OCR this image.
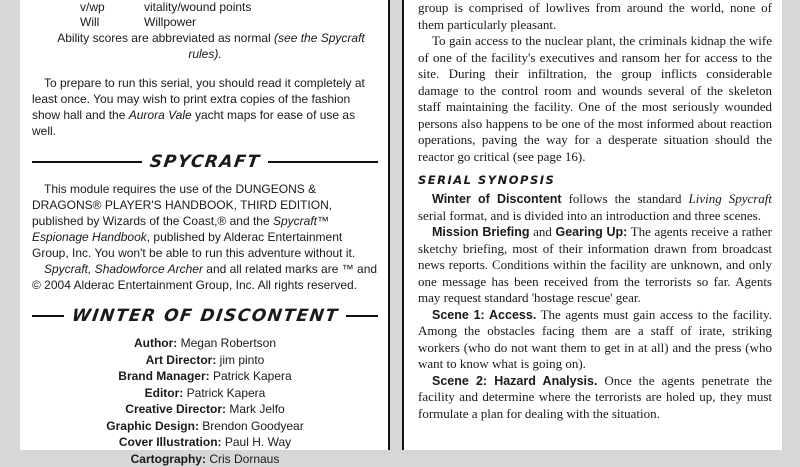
v/wp	vitality/wound points
Will	Willpower

Ability scores are abbreviated as normal (see the Spycraft rules).

To prepare to run this serial, you should read it completely at least once. You may wish to print extra copies of the fashion show hall and the Aurora Vale yacht maps for ease of use as well.

SPYCRAFT

This module requires the use of the DUNGEONS & DRAGONS® PLAYER'S HANDBOOK, THIRD EDITION, published by Wizards of the Coast,® and the Spycraft™ Espionage Handbook, published by Alderac Entertainment Group, Inc. You won't be able to run this adventure without it.

Spycraft, Shadowforce Archer and all related marks are ™ and © 2004 Alderac Entertainment Group, Inc. All rights reserved.

WINTER OF DISCONTENT
Author: Megan Robertson
Art Director: jim pinto
Brand Manager: Patrick Kapera
Editor: Patrick Kapera
Creative Director: Mark Jelfo
Graphic Design: Brendon Goodyear
Cover Illustration: Paul H. Way
Cartography: Cris Dornaus

group is comprised of lowlives from around the world, none of them particularly pleasant.

To gain access to the nuclear plant, the criminals kidnap the wife of one of the facility's executives and ransom her for access to the site. During their infiltration, the group inflicts considerable damage to the control room and wounds several of the skeleton staff maintaining the facility. One of the most seriously wounded persons also happens to be one of the most informed about reaction operations, paving the way for a desperate situation should the reactor go critical (see page 16).

SERIAL SYNOPSIS

Winter of Discontent follows the standard Living Spycraft serial format, and is divided into an introduction and three scenes.

Mission Briefing and Gearing Up: The agents receive a rather sketchy briefing, most of their information drawn from broadcast news reports. Conditions within the facility are unknown, and only one message has been received from the terrorists so far. Agents may request standard 'hostage rescue' gear.

Scene 1: Access. The agents must gain access to the facility. Among the obstacles facing them are a staff of irate, striking workers (who do not want them to get in at all) and the press (who want to know what is going on).

Scene 2: Hazard Analysis. Once the agents penetrate the facility and determine where the terrorists are holed up, they must formulate a plan for dealing with the situation.
